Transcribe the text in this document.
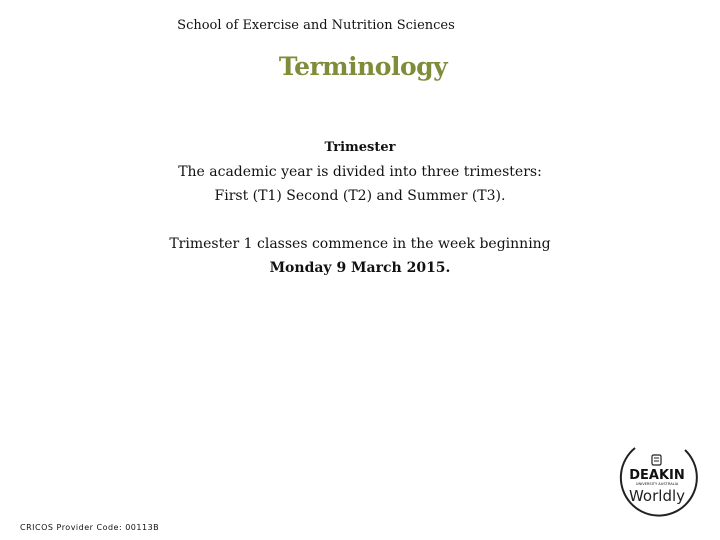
School of Exercise and Nutrition Sciences
Terminology
Trimester
The academic year is divided into three trimesters:
First (T1) Second (T2) and Summer (T3).
Trimester 1 classes commence in the week beginning
Monday 9 March 2015.
CRICOS Provider Code: 00113B
DEAKIN
UNIVERSITY AUSTRALIA
Worldly
